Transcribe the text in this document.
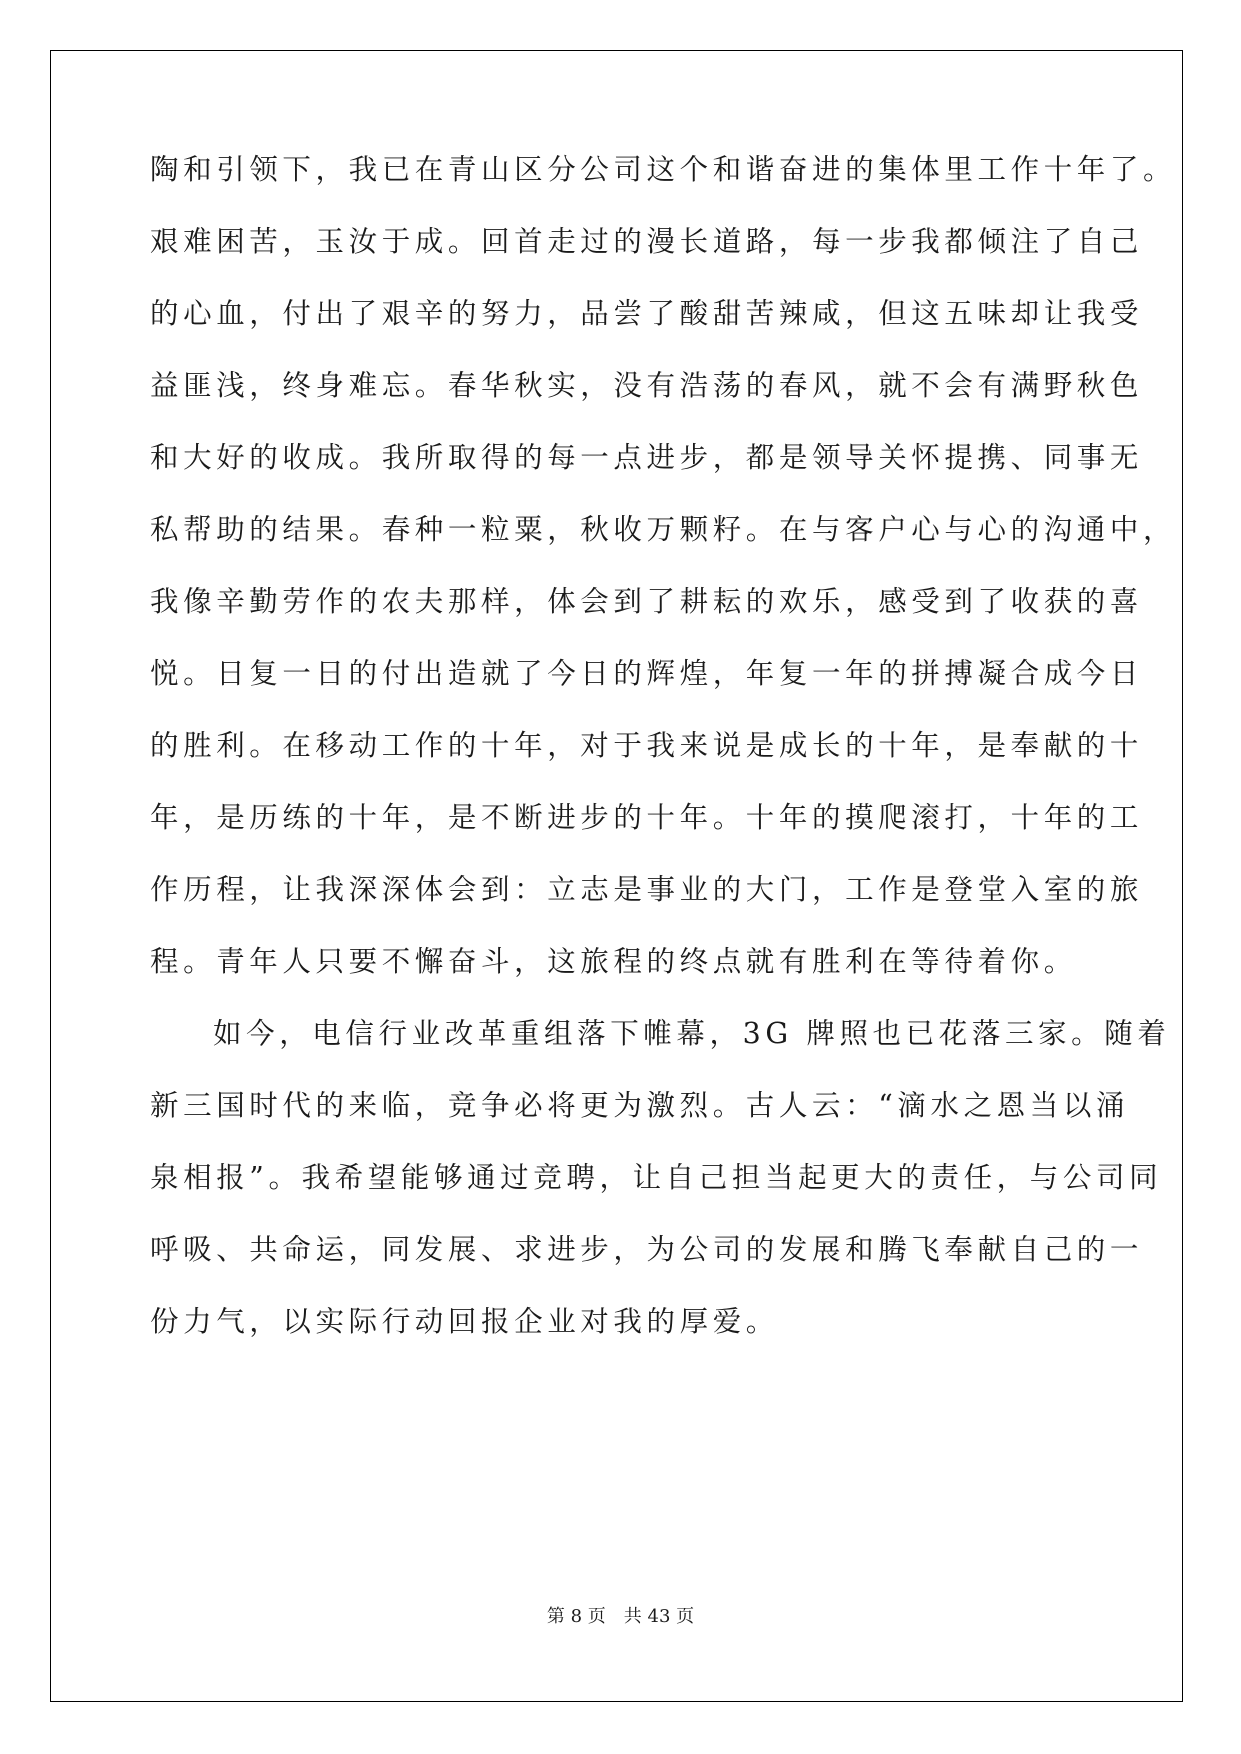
陶和引领下，我已在青山区分公司这个和谐奋进的集体里工作十年了。
艰难困苦，玉汝于成。回首走过的漫长道路，每一步我都倾注了自己
的心血，付出了艰辛的努力，品尝了酸甜苦辣咸，但这五味却让我受
益匪浅，终身难忘。春华秋实，没有浩荡的春风，就不会有满野秋色
和大好的收成。我所取得的每一点进步，都是领导关怀提携、同事无
私帮助的结果。春种一粒粟，秋收万颗籽。在与客户心与心的沟通中，
我像辛勤劳作的农夫那样，体会到了耕耘的欢乐，感受到了收获的喜
悦。日复一日的付出造就了今日的辉煌，年复一年的拼搏凝合成今日
的胜利。在移动工作的十年，对于我来说是成长的十年，是奉献的十
年，是历练的十年，是不断进步的十年。十年的摸爬滚打，十年的工
作历程，让我深深体会到：立志是事业的大门，工作是登堂入室的旅
程。青年人只要不懈奋斗，这旅程的终点就有胜利在等待着你。
如今，电信行业改革重组落下帷幕，3G 牌照也已花落三家。随着
新三国时代的来临，竞争必将更为激烈。古人云：“滴水之恩当以涌
泉相报”。我希望能够通过竞聘，让自己担当起更大的责任，与公司同
呼吸、共命运，同发展、求进步，为公司的发展和腾飞奉献自己的一
份力气，以实际行动回报企业对我的厚爱。
第 8 页　共 43 页
